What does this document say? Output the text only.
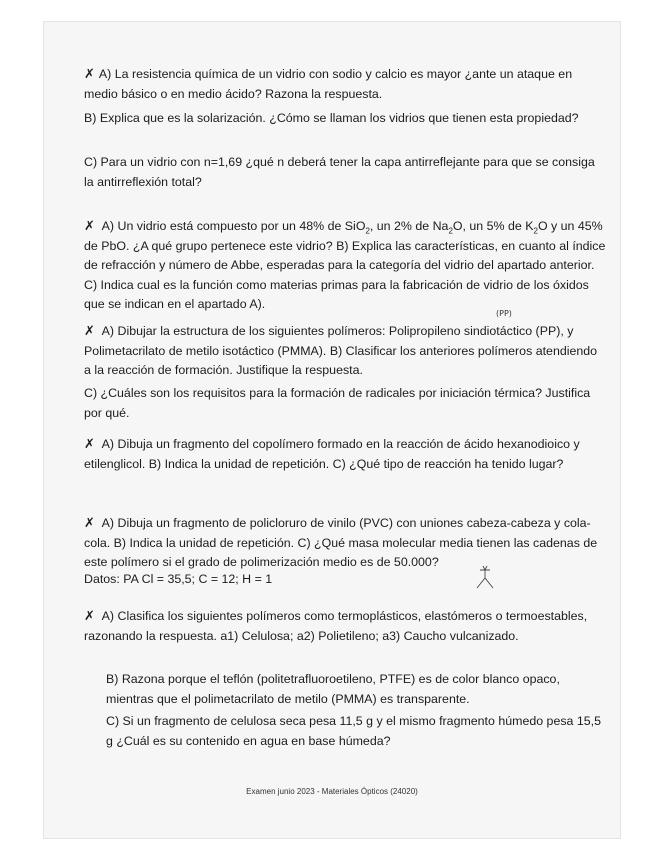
✗ A) La resistencia química de un vidrio con sodio y calcio es mayor ¿ante un ataque en medio básico o en medio ácido? Razona la respuesta.

B) Explica que es la solarización. ¿Cómo se llaman los vidrios que tienen esta propiedad?

C) Para un vidrio con n=1,69 ¿qué n deberá tener la capa antirreflejante para que se consiga la antirreflexión total?

✗ A) Un vidrio está compuesto por un 48% de SiO$_2$, un 2% de $Na_2O$, un 5% de $K_2O$ y un 45% de PbO. ¿A qué grupo pertenece este vidrio? B) Explica las características, en cuanto al índice de refracción y número de Abbe, esperadas para la categoría del vidrio del apartado anterior. C) Indica cual es la función como materias primas para la fabricación de vidrio de los óxidos que se indican en el apartado A).

(PP)

✗ A) Dibujar la estructura de los siguientes polímeros: Polipropileno sindiotáctico (PP), y Polimetacrilato de metilo isotáctico (PMMA). B) Clasificar los anteriores polímeros atendiendo a la reacción de formación. Justifique la respuesta.

C) ¿Cuáles son los requisitos para la formación de radicales por iniciación térmica? Justifica por qué.

✗ A) Dibuja un fragmento del copolímero formado en la reacción de ácido hexanodioico y etilenglicol. B) Indica la unidad de repetición. C) ¿Qué tipo de reacción ha tenido lugar?

✗ A) Dibuja un fragmento de policloruro de vinilo (PVC) con uniones cabeza-cabeza y cola-cola. B) Indica la unidad de repetición. C) ¿Qué masa molecular media tienen las cadenas de este polímero si el grado de polimerización medio es de 50.000?

Datos: PA Cl = 35,5; C = 12; H = 1

✗ A) Clasifica los siguientes polímeros como termoplásticos, elastómeros o termoestables, razonando la respuesta. a1) Celulosa; a2) Polietileno; a3) Caucho vulcanizado.

B) Razona porque el teflón (politetrafluoroetileno, PTFE) es de color blanco opaco, mientras que el polimetacrilato de metilo (PMMA) es transparente.

C) Si un fragmento de celulosa seca pesa 11,5 g y el mismo fragmento húmedo pesa 15,5 g ¿Cuál es su contenido en agua en base húmeda?

Examen junio 2023 - Materiales Ópticos (24020)
